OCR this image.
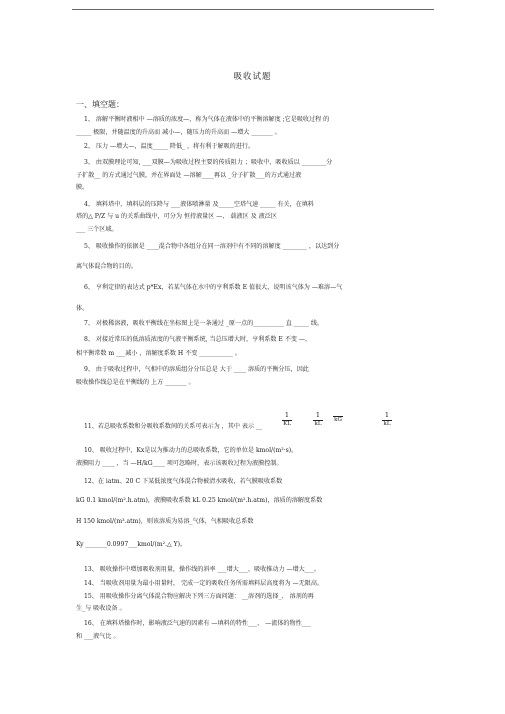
吸收试题
一、填空题：
1、 溶解平衡时液相中 —溶质的浓度—，称为气体在液体中的平衡溶解度 ;它是吸收过程 的
_____ 极限，并随温度的升高而 减小—，随压力的升高而 —增大 _______ 。
2、 压力 —增大—，温度_____ 降低_ ，将有利于解吸的进行。
3、 由双膜理论可知, ___双膜—为吸收过程主要的传质阻力 ；吸收中，吸收质以 ________分
子扩散__ 的方式通过气膜，并在界面处 —溶解____再以 _分子扩散___的方式通过液
膜。
4、 填料塔中，填料层的压降与 ___液体喷淋量 及_____空塔气速 _____ 有关，在填料
塔的△ P/Z 与 u 的关系曲线中，可分为 恒持液量区 —、 载液区 及 液泛区
___ 三个区域。
5、 吸收操作的依据是 ____混合物中各组分在同一溶剂中有不同的溶解度 ________ ，以达到分
离气体混合物的目的。
6、 亨利定律的表达式 p*Ex，若某气体在水中的亨利系数 E 值很大，说明该气体为 —难溶—气
体。
7、 对极稀溶液，吸收平衡线在坐标图上是一条通过 _原一点的__________ 直 _____ 线。
8、 对接近常压的低溶质浓度的气液平衡系统, 当总压增大时，亨利系数 E 不变 —，
相平衡常数 m ___减小 ，溶解度系数 H 不变 ___________ 。
9、 由于吸收过程中，气相中的溶质组分分压总是 大于 ____ 溶质的平衡分压，因此
吸收操作线总是在平衡线的 上方 _______ 。
11、若总吸收系数和分吸收系数间的关系可表示为 ，其中 表示 __
1
KL
1
kL
kG
1
kL
10、 吸收过程中，Kx是以为推动力的总吸收系数，它的单位是 kmol/(m²·s)。
液膜阻力 ____ ，当 —H/kG____ 项可忽略时，表示该吸收过程为液膜控制。
12、在 iatm、20 C 下某低浓度气体混合物被清水吸收，若气膜吸收系数
kG 0.1 kmol/(m².h.atm)，液膜吸收系数 kL 0.25 kmol/(m².h.atm)，溶质的溶解度系数
H 150 kmol/(m³.atm)，则该溶质为易溶_气体，气相吸收总系数
Ky _______0.0997___kmol/(m².△ Y)。
13、 吸收操作中增加吸收剂用量，操作线的斜率 ___增大___，吸收推动力 —增大___。
14、 当吸收剂用量为最小用量时， 完成一定的吸收任务所需填料层高度将为 —无限高。
15、 用吸收操作分离气体混合物应解决下列三方面问题： __溶剂的选择_、 溶剂的再
生_与 吸收设备 。
16、 在填料塔操作时，影响液泛气速的因素有 —填料的特性___、 —流体的物性___
和 ___液气比 。
